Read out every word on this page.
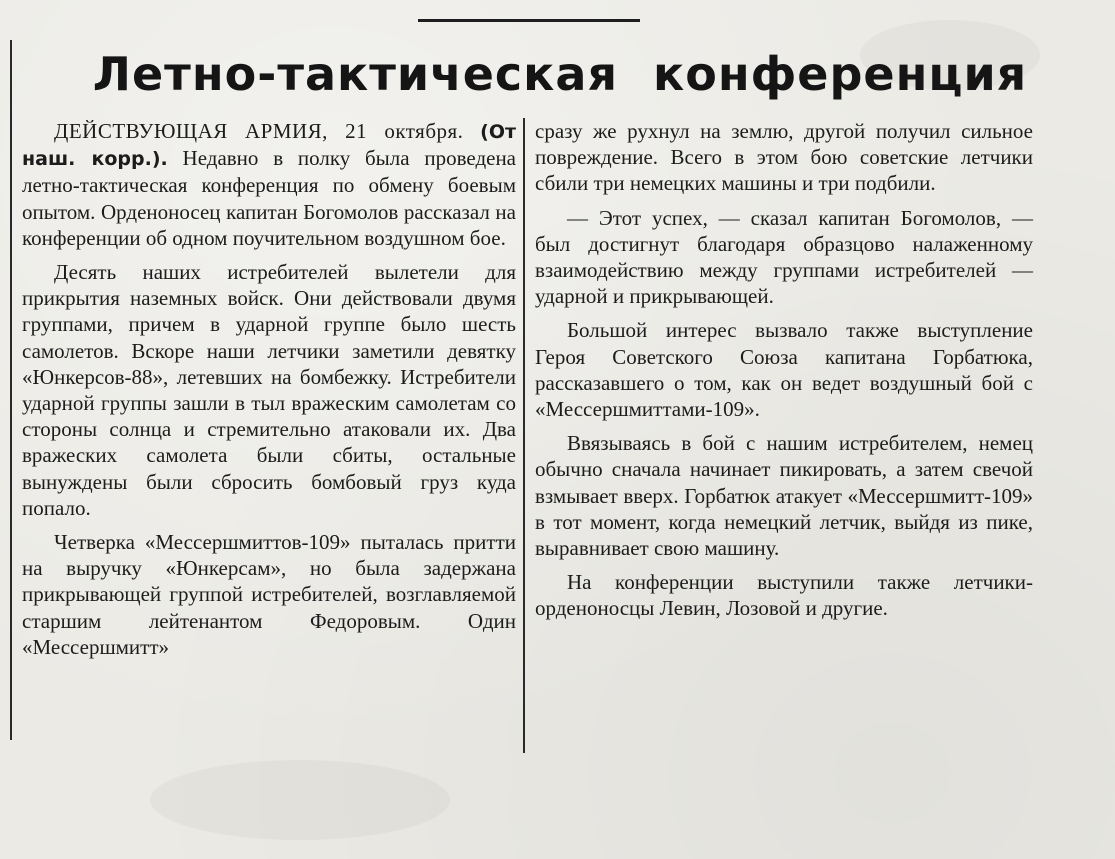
Летно-тактическая конференция

ДЕЙСТВУЮЩАЯ АРМИЯ, 21 октября. (От наш. корр.). Недавно в полку была проведена летно-тактическая конференция по обмену боевым опытом. Орденоносец капитан Богомолов рассказал на конференции об одном поучительном воздушном бое.

Десять наших истребителей вылетели для прикрытия наземных войск. Они действовали двумя группами, причем в ударной группе было шесть самолетов. Вскоре наши летчики заметили девятку «Юнкерсов-88», летевших на бомбежку. Истребители ударной группы зашли в тыл вражеским самолетам со стороны солнца и стремительно атаковали их. Два вражеских самолета были сбиты, остальные вынуждены были сбросить бомбовый груз куда попало.

Четверка «Мессершмиттов-109» пыталась притти на выручку «Юнкерсам», но была задержана прикрывающей группой истребителей, возглавляемой старшим лейтенантом Федоровым. Один «Мессершмитт»

сразу же рухнул на землю, другой получил сильное повреждение. Всего в этом бою советские летчики сбили три немецких машины и три подбили.

— Этот успех, — сказал капитан Богомолов, — был достигнут благодаря образцово налаженному взаимодействию между группами истребителей — ударной и прикрывающей.

Большой интерес вызвало также выступление Героя Советского Союза капитана Горбатюка, рассказавшего о том, как он ведет воздушный бой с «Мессершмиттами-109».

Ввязываясь в бой с нашим истребителем, немец обычно сначала начинает пикировать, а затем свечой взмывает вверх. Горбатюк атакует «Мессершмитт-109» в тот момент, когда немецкий летчик, выйдя из пике, выравнивает свою машину.

На конференции выступили также летчики-орденоносцы Левин, Лозовой и другие.
